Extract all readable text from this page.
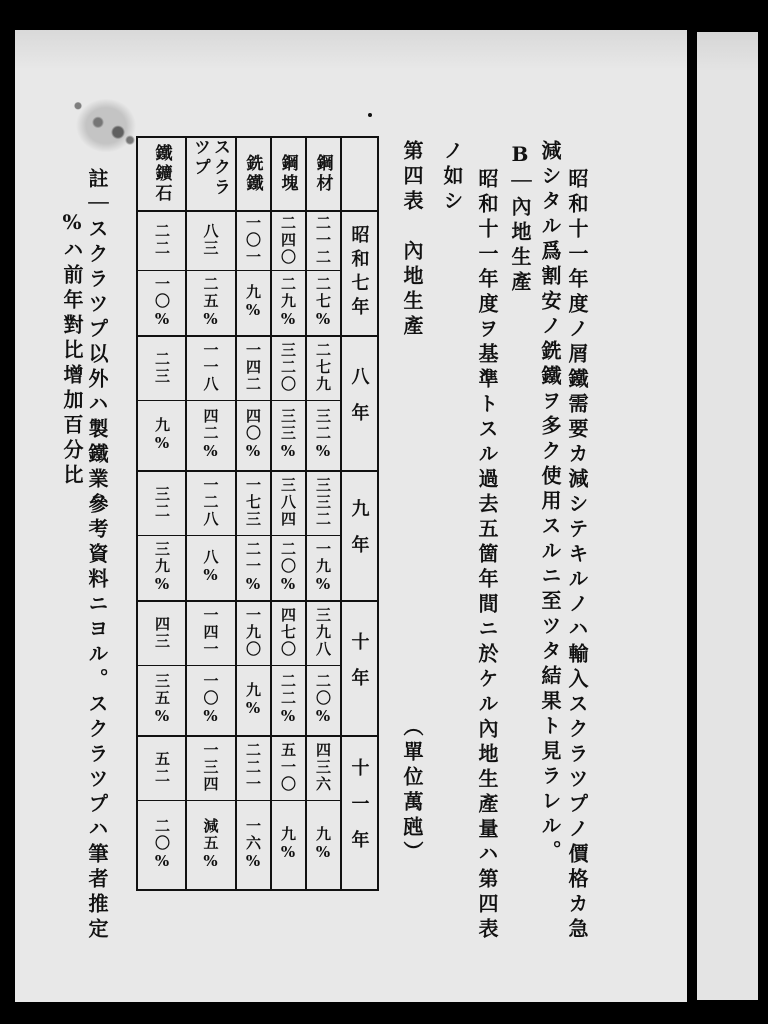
昭和十一年度ノ屑鐵需要カ減シテキルノハ輸入スクラツプノ價格カ急
減シタル爲割安ノ銑鐵ヲ多ク使用スルニ至ツタ結果ト見ラレル。
B｜內地生產
昭和十一年度ヲ基準トスル過去五箇年間ニ於ケル內地生產量ハ第四表
ノ如シ
第四表　內地生產
（單位萬瓲）
鋼材
鋼塊
銑鐵
スクラツプ
鐵鑛石
昭和七年
二一二
二七%
二四〇
二九%
一〇一
九%
八三
二五%
二二
一〇%
八年
二七九
三二%
三二〇
三三%
一四二
四〇%
一一八
四二%
二三
九%
九年
三三二
一九%
三八四
二〇%
一七三
二一%
一二八
八%
三二
三九%
十年
三九八
二〇%
四七〇
二二%
一九〇
九%
一四一
一〇%
四三
三五%
十一年
四三六
九%
五一〇
九%
二二一
一六%
一三四
減五%
五二
二〇%
註｜スクラツプ以外ハ製鐵業參考資料ニヨル。スクラツプハ筆者推定
%ハ前年對比增加百分比
